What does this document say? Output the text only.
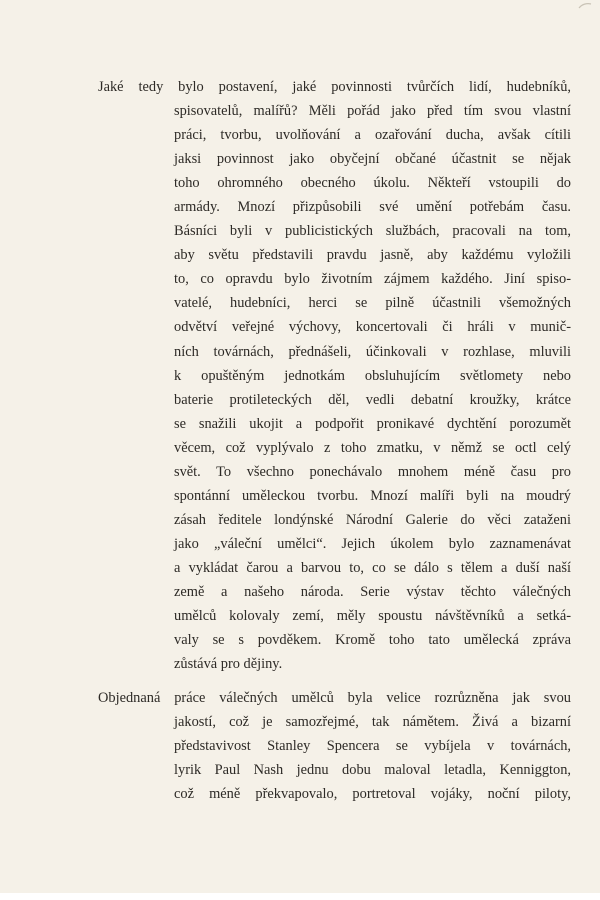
Jaké tedy bylo postavení, jaké povinnosti tvůrčích lidí, hudebníků,
spisovatelů, malířů? Měli pořád jako před tím svou vlastní
práci, tvorbu, uvolňování a ozařování ducha, avšak cítili
jaksi povinnost jako obyčejní občané účastnit se nějak
toho ohromného obecného úkolu. Někteří vstoupili do
armády. Mnozí přizpůsobili své umění potřebám času.
Básníci byli v publicistických službách, pracovali na tom,
aby světu představili pravdu jasně, aby každému vyložili
to, co opravdu bylo životním zájmem každého. Jiní spiso-
vatelé, hudebníci, herci se pilně účastnili všemožných
odvětví veřejné výchovy, koncertovali či hráli v munič-
ních továrnách, přednášeli, účinkovali v rozhlase, mluvili
k opuštěným jednotkám obsluhujícím světlomety nebo
baterie protileteckých děl, vedli debatní kroužky, krátce
se snažili ukojit a podpořit pronikavé dychtění porozumět
věcem, což vyplývalo z toho zmatku, v němž se octl celý
svět. To všechno ponechávalo mnohem méně času pro
spontánní uměleckou tvorbu. Mnozí malíři byli na moudrý
zásah ředitele londýnské Národní Galerie do věci zataženi
jako „váleční umělci“. Jejich úkolem bylo zaznamenávat
a vykládat čarou a barvou to, co se dálo s tělem a duší naší
země a našeho národa. Serie výstav těchto válečných
umělců kolovaly zemí, měly spoustu návštěvníků a setká-
valy se s povděkem. Kromě toho tato umělecká zpráva
zůstává pro dějiny.

Objednaná práce válečných umělců byla velice rozrůzněna jak svou
jakostí, což je samozřejmé, tak námětem. Živá a bizarní
představivost Stanley Spencera se vybíjela v továrnách,
lyrik Paul Nash jednu dobu maloval letadla, Kenniggton,
což méně překvapovalo, portretoval vojáky, noční piloty,
